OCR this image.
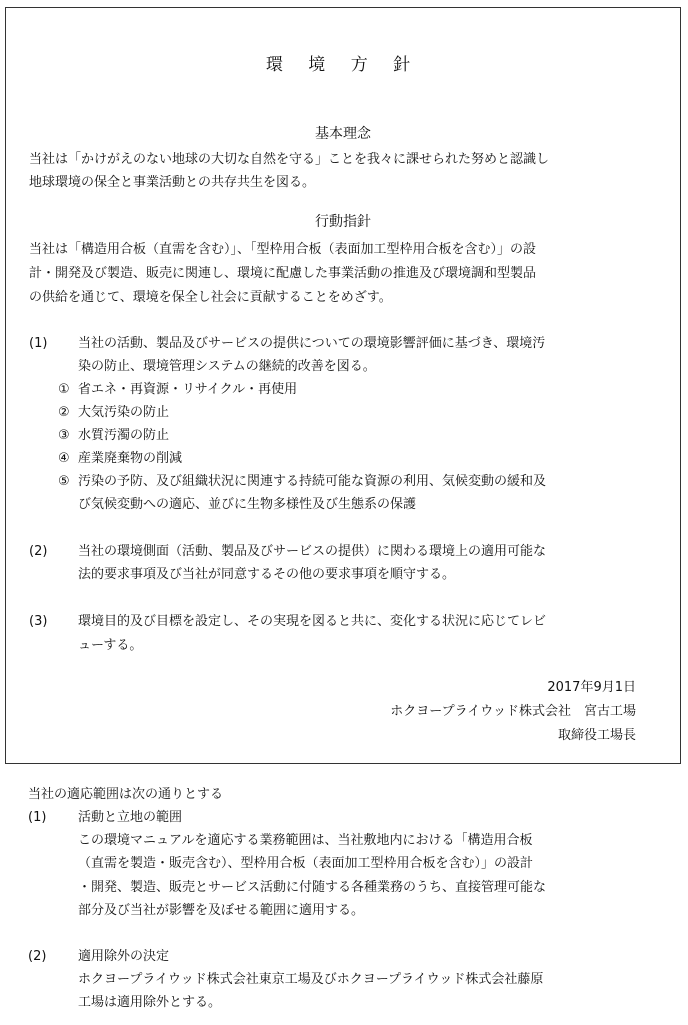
環 境 方 針
基本理念
当社は「かけがえのない地球の大切な自然を守る」ことを我々に課せられた努めと認識し
地球環境の保全と事業活動との共存共生を図る。
行動指針
当社は「構造用合板（直需を含む）」、「型枠用合板（表面加工型枠用合板を含む）」の設
計・開発及び製造、販売に関連し、環境に配慮した事業活動の推進及び環境調和型製品
の供給を通じて、環境を保全し社会に貢献することをめざす。
(1)	当社の活動、製品及びサービスの提供についての環境影響評価に基づき、環境汚
染の防止、環境管理システムの継続的改善を図る。
① 省エネ・再資源・リサイクル・再使用
② 大気汚染の防止
③ 水質汚濁の防止
④ 産業廃棄物の削減
⑤ 汚染の予防、及び組織状況に関連する持続可能な資源の利用、気候変動の緩和及
び気候変動への適応、並びに生物多様性及び生態系の保護
(2)	当社の環境側面（活動、製品及びサービスの提供）に関わる環境上の適用可能な
法的要求事項及び当社が同意するその他の要求事項を順守する。
(3)	環境目的及び目標を設定し、その実現を図ると共に、変化する状況に応じてレビ
ューする。
2017年9月1日
ホクヨープライウッド株式会社　宮古工場
取締役工場長
当社の適応範囲は次の通りとする
(1)	活動と立地の範囲
この環境マニュアルを適応する業務範囲は、当社敷地内における「構造用合板
（直需を製造・販売含む）、型枠用合板（表面加工型枠用合板を含む）」の設計
・開発、製造、販売とサービス活動に付随する各種業務のうち、直接管理可能な
部分及び当社が影響を及ぼせる範囲に適用する。
(2)	適用除外の決定
ホクヨープライウッド株式会社東京工場及びホクヨープライウッド株式会社藤原
工場は適用除外とする。
